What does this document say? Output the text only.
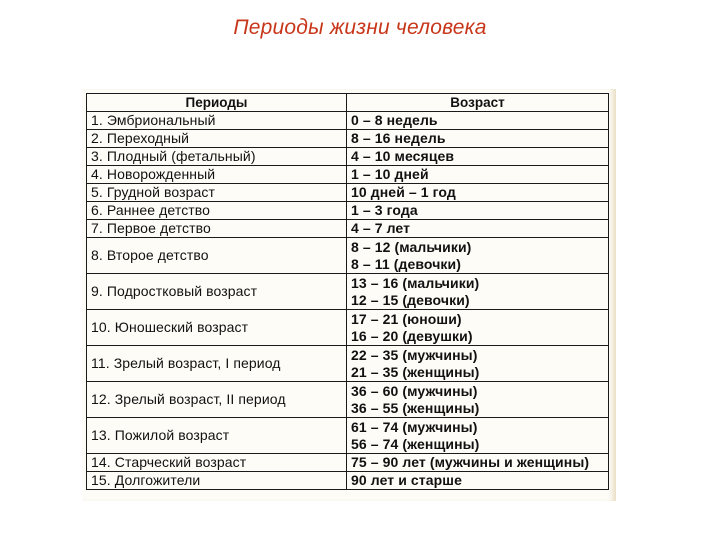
Периоды жизни человека
Периоды	Возраст
1. Эмбриональный	0 – 8 недель

2. Переходный	8 – 16 недель

3. Плодный (фетальный)	4 – 10 месяцев

4. Новорожденный	1 – 10 дней

5. Грудной возраст	10 дней – 1 год

6. Раннее детство	1 – 3 года

7. Первое детство	4 – 7 лет

8. Второе детство	8 – 12 (мальчики)
8 – 11 (девочки)

9. Подростковый возраст	13 – 16 (мальчики)
12 – 15 (девочки)

10. Юношеский возраст	17 – 21 (юноши)
16 – 20 (девушки)

11. Зрелый возраст, I период	22 – 35 (мужчины)
21 – 35 (женщины)

12. Зрелый возраст, II период	36 – 60 (мужчины)
36 – 55 (женщины)

13. Пожилой возраст	61 – 74 (мужчины)
56 – 74 (женщины)

14. Старческий возраст	75 – 90 лет (мужчины и женщины)

15. Долгожители	90 лет и старше
